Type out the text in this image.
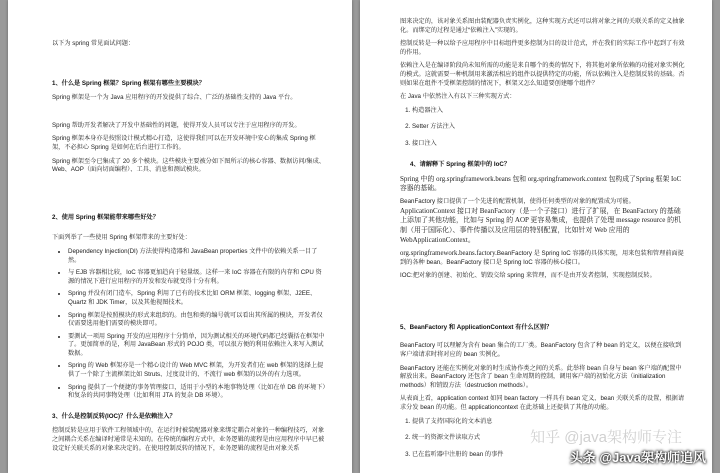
以下为 spring 常见面试问题：

1、什么是 Spring 框架？Spring 框架有哪些主要模块？

Spring 框架是一个为 Java 应用程序的开发提供了综合、广泛的基础性支持的 Java 平台。

Spring 帮助开发者解决了开发中基础性的问题，使得开发人员可以专注于应用程序的开发。

Spring 框架本身亦是按照设计模式精心打造，这使得我们可以在开发环境中安心的集成 Spring 框架，不必担心 Spring 是如何在后台进行工作的。

Spring 框架至今已集成了 20 多个模块。这些模块主要被分如下图所示的核心容器、数据访问/集成、Web、AOP（面向切面编程）、工具、消息和测试模块。

2、使用 Spring 框架能带来哪些好处？

下面列举了一些使用 Spring 框架带来的主要好处：

• Dependency Injection(DI) 方法使得构造器和 JavaBean properties 文件中的依赖关系一目了然。
• 与 EJB 容器相比较，IoC 容器更加趋向于轻量级。这样一来 IoC 容器在有限的内存和 CPU 资源的情况下进行应用程序的开发和发布就变得十分有利。
• Spring 并没有闭门造车，Spring 利用了已有的技术比如 ORM 框架、logging 框架、J2EE、Quartz 和 JDK Timer，以及其他视图技术。
• Spring 框架是按照模块的形式来组织的。由包和类的编号就可以看出其所属的模块，开发者仅仅需要选用他们需要的模块即可。
• 要测试一项用 Spring 开发的应用程序十分简单，因为测试相关的环境代码都已经囊括在框架中了。更加简单的是，利用 JavaBean 形式的 POJO 类，可以很方便的利用依赖注入来写入测试数据。
• Spring 的 Web 框架亦是一个精心设计的 Web MVC 框架，为开发者们在 web 框架的选择上提供了一个除了主流框架比如 Struts、过度设计的、不流行 web 框架的以外的有力选项。
• Spring 提供了一个便捷的事务管理接口，适用于小型的本地事物处理（比如在单 DB 的环境下）和复杂的共同事物处理（比如利用 JTA 的复杂 DB 环境）。
3、什么是控制反转(IOC)？什么是依赖注入？

控制反转是应用于软件工程领域中的，在运行时被装配器对象来绑定耦合对象的一种编程技巧，对象之间耦合关系在编译时通常是未知的。在传统的编程方式中，业务逻辑的流程是由应用程序中早已被设定好关联关系的对象来决定的。在使用控制反转的情况下，业务逻辑的流程是由对象关系

图来决定的，该对象关系图由装配器负责实例化，这种实现方式还可以将对象之间的关联关系的定义抽象化。而绑定的过程是通过“依赖注入”实现的。

控制反转是一种以给予应用程序中目标组件更多控制为目的设计范式，并在我们的实际工作中起到了有效的作用。

依赖注入是在编译阶段尚未知所需的功能是来自哪个的类的情况下，将其他对象所依赖的功能对象实例化的模式。这就需要一种机制用来激活相应的组件以提供特定的功能，所以依赖注入是控制反转的基础。否则如果在组件不受框架控制的情况下，框架又怎么知道要创建哪个组件？

在 Java 中依然注入有以下三种实现方式：

1. 构造器注入
2. Setter 方法注入
3. 接口注入
4、请解释下 Spring 框架中的 IoC？

Spring 中的 org.springframework.beans 包和 org.springframework.context 包构成了Spring 框架 IoC 容器的基础。

BeanFactory 接口提供了一个先进的配置机制，使得任何类型的对象的配置成为可能。ApplicationContext 接口对 BeanFactory（是一个子接口）进行了扩展，在 BeanFactory 的基础上添加了其他功能，比如与 Spring 的 AOP 更容易集成，也提供了处理 message resource 的机制（用于国际化）、事件传播以及应用层的特别配置，比如针对 Web 应用的WebApplicationContext。

org.springframework.beans.factory.BeanFactory 是 Spring IoC 容器的具体实现，用来包装和管理前面提到的各种 bean。BeanFactory 接口是 Spring IoC 容器的核心接口。

IOC:把对象的创建、初始化、销毁交给 spring 来管理，而不是由开发者控制，实现控制反转。

5、BeanFactory 和 ApplicationContext 有什么区别？

BeanFactory 可以理解为含有 bean 集合的工厂类。BeanFactory 包含了种 bean 的定义，以便在接收到客户端请求时将对应的 bean 实例化。

BeanFactory 还能在实例化对象的时生成协作类之间的关系。此举将 bean 自身与 bean 客户端的配置中解放出来。BeanFactory 还包含了 bean 生命周期的控制，调用客户端的初始化方法（initialization methods）和销毁方法（destruction methods）。

从表面上看，application context 如同 bean factory 一样具有 bean 定义、bean 关联关系的设置，根据请求分发 bean 的功能。但 applicationcontext 在此基础上还提供了其他的功能。

1. 提供了支持国际化的文本消息
2. 统一的资源文件读取方式
3. 已在监听器中注册的 bean 的事件
知乎 @java架构师专注
头条 @Java架构师追风
